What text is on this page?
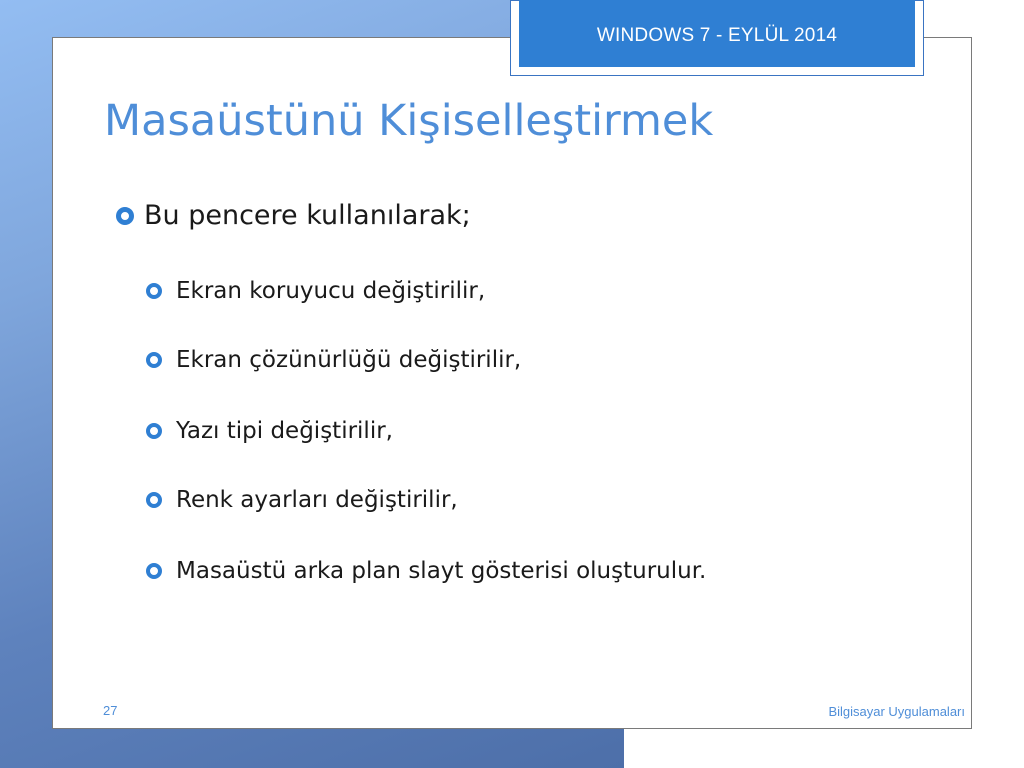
WINDOWS 7 - EYLÜL 2014
Masaüstünü Kişiselleştirmek
Bu pencere kullanılarak;
Ekran koruyucu değiştirilir,
Ekran çözünürlüğü değiştirilir,
Yazı tipi değiştirilir,
Renk ayarları değiştirilir,
Masaüstü arka plan slayt gösterisi oluşturulur.
27	Bilgisayar Uygulamaları
